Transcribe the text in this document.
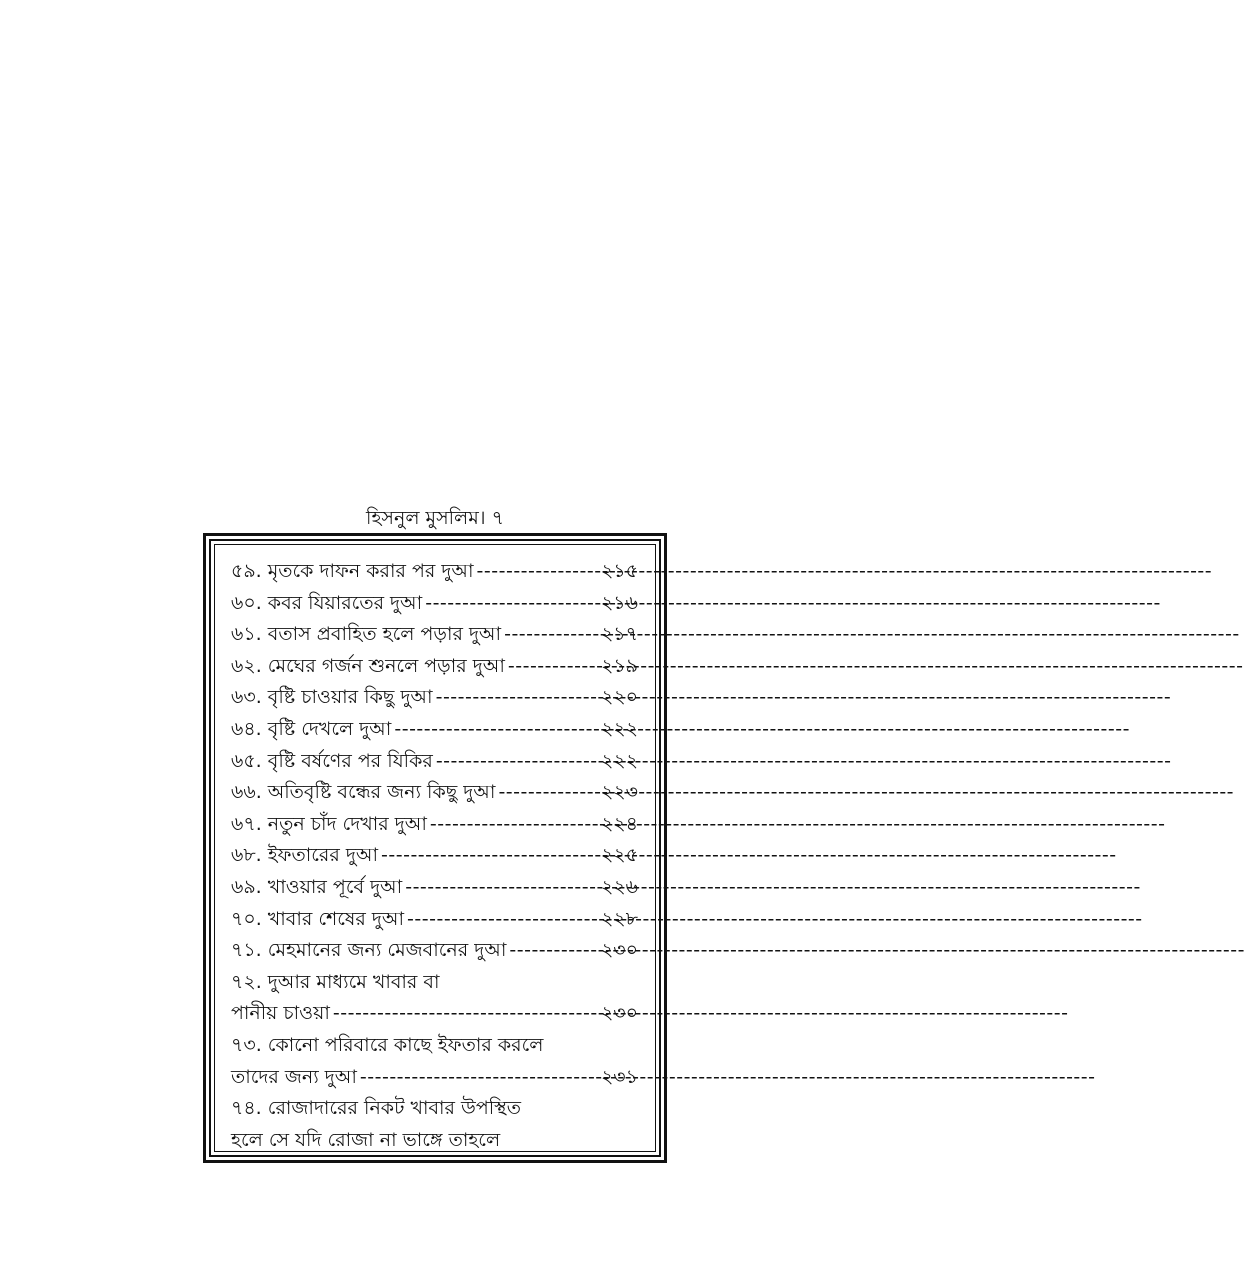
হিসনুল মুসলিম। ৭
৫৯. মৃতকে দাফন করার পর দুআ -----	২১৫
৬০. কবর যিয়ারতের দুআ -----	২১৬
৬১. বতাস প্রবাহিত হলে পড়ার দুআ -----	২১৭
৬২. মেঘের গর্জন শুনলে পড়ার দুআ -----	২১৯
৬৩. বৃষ্টি চাওয়ার কিছু দুআ -----	২২০
৬৪. বৃষ্টি দেখলে দুআ -----	২২২
৬৫. বৃষ্টি বর্ষণের পর যিকির -----	২২২
৬৬. অতিবৃষ্টি বন্ধের জন্য কিছু দুআ -----	২২৩
৬৭. নতুন চাঁদ দেখার দুআ -----	২২৪
৬৮. ইফতারের দুআ -----	২২৫
৬৯. খাওয়ার পূর্বে দুআ -----	২২৬
৭০. খাবার শেষের দুআ -----	২২৮
৭১. মেহমানের জন্য মেজবানের দুআ -----	২৩০
৭২. দুআর মাধ্যমে খাবার বা
পানীয় চাওয়া -----	২৩০
৭৩. কোনো পরিবারে কাছে ইফতার করলে
তাদের জন্য দুআ -----	২৩১
৭৪. রোজাদারের নিকট খাবার উপস্থিত
হলে সে যদি রোজা না ভাঙ্গে তাহলে
